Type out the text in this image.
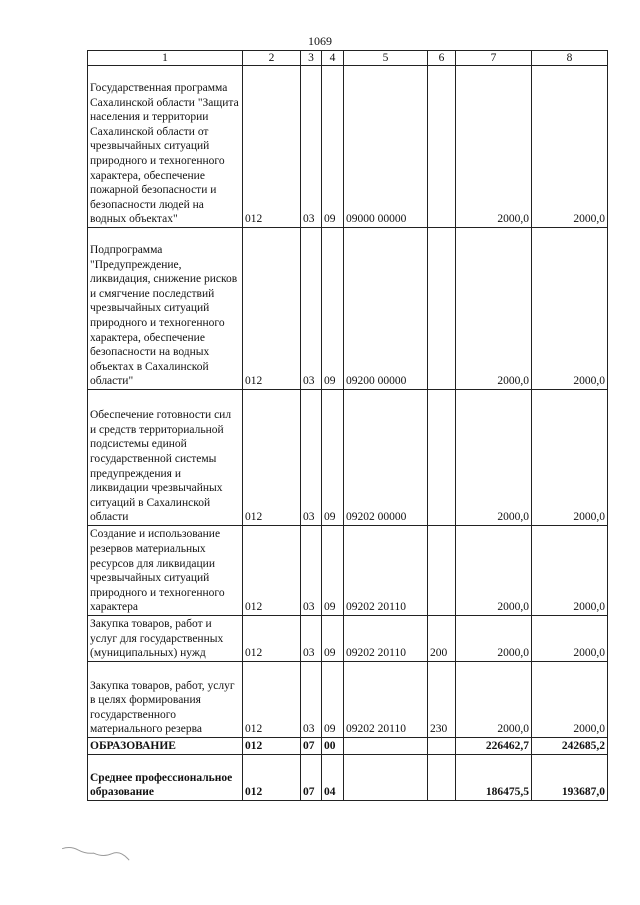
1069
1	2	3	4	5	6	7	8
Государственная программа Сахалинской области "Защита населения и территории Сахалинской области от чрезвычайных ситуаций природного и техногенного характера, обеспечение пожарной безопасности и безопасности людей на водных объектах"	012	03	09	09000 00000		2000,0	2000,0
Подпрограмма "Предупреждение, ликвидация, снижение рисков и смягчение последствий чрезвычайных ситуаций природного и техногенного характера, обеспечение безопасности на водных объектах в Сахалинской области"	012	03	09	09200 00000		2000,0	2000,0
Обеспечение готовности сил и средств территориальной подсистемы единой государственной системы предупреждения и ликвидации чрезвычайных ситуаций в Сахалинской области	012	03	09	09202 00000		2000,0	2000,0
Создание и использование резервов материальных ресурсов для ликвидации чрезвычайных ситуаций природного и техногенного характера	012	03	09	09202 20110		2000,0	2000,0
Закупка товаров, работ и услуг для государственных (муниципальных) нужд	012	03	09	09202 20110	200	2000,0	2000,0
Закупка товаров, работ, услуг в целях формирования государственного материального резерва	012	03	09	09202 20110	230	2000,0	2000,0
ОБРАЗОВАНИЕ	012	07	00			226462,7	242685,2
Среднее профессиональное образование	012	07	04			186475,5	193687,0
